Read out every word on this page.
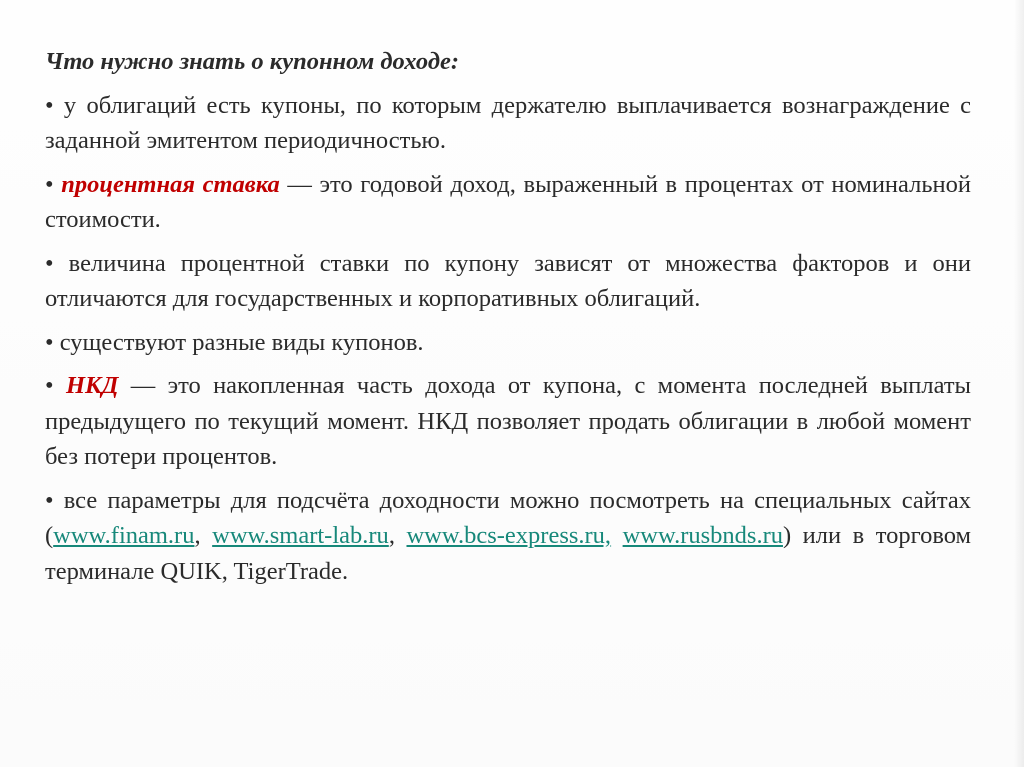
Что нужно знать о купонном доходе:

• у облигаций есть купоны, по которым держателю выплачивается вознаграждение с заданной эмитентом периодичностью.

• процентная ставка — это годовой доход, выраженный в процентах от номинальной стоимости.

• величина процентной ставки по купону зависят от множества факторов и они отличаются для государственных и корпоративных облигаций.

• существуют разные виды купонов.

• НКД — это накопленная часть дохода от купона, с момента последней выплаты предыдущего по текущий момент. НКД позволяет продать облигации в любой момент без потери процентов.

• все параметры для подсчёта доходности можно посмотреть на специальных сайтах (www.finam.ru, www.smart-lab.ru, www.bcs-express.ru, www.rusbnds.ru) или в торговом терминале QUIK, TigerTrade.
